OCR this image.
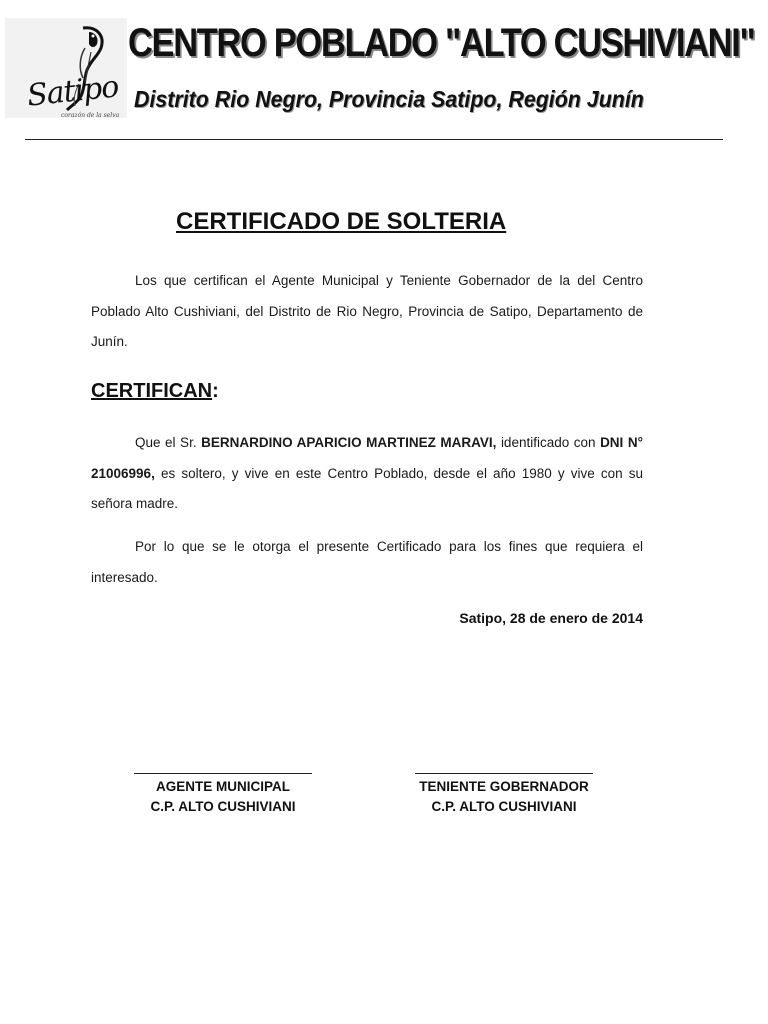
Satipo
corazón de la selva
CENTRO POBLADO "ALTO CUSHIVIANI"
Distrito Rio Negro, Provincia Satipo, Región Junín
CERTIFICADO DE SOLTERIA
Los que certifican el Agente Municipal y Teniente Gobernador de la del Centro Poblado Alto Cushiviani, del Distrito de Rio Negro, Provincia de Satipo, Departamento de Junín.
CERTIFICAN:
Que el Sr. BERNARDINO APARICIO MARTINEZ MARAVI, identificado con DNI N° 21006996, es soltero, y vive en este Centro Poblado, desde el año 1980 y vive con su señora madre.
Por lo que se le otorga el presente Certificado para los fines que requiera el interesado.
Satipo, 28 de enero de 2014
AGENTE MUNICIPAL
C.P. ALTO CUSHIVIANI
TENIENTE GOBERNADOR
C.P. ALTO CUSHIVIANI
